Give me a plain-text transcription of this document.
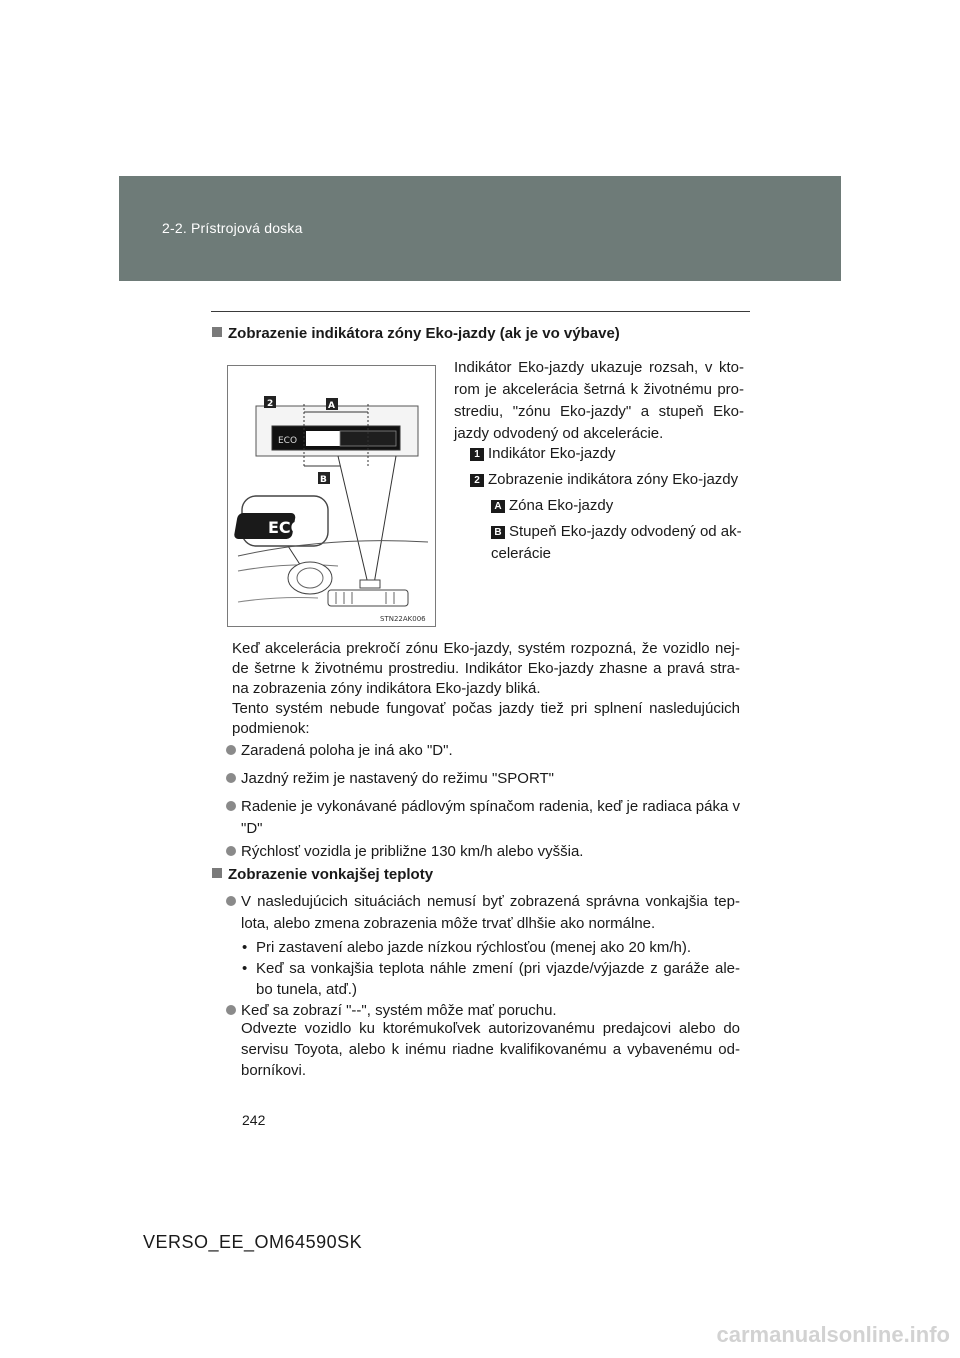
2-2. Prístrojová doska
Zobrazenie indikátora zóny Eko-jazdy (ak je vo výbave)
ECO
2	A
B
ECO
STN22AK006
Indikátor Eko-jazdy ukazuje rozsah, v kto-rom je akcelerácia šetrná k životnému pro-strediu, "zónu Eko-jazdy" a stupeň Eko-jazdy odvodený od akcelerácie.
1 Indikátor Eko-jazdy
2 Zobrazenie indikátora zóny Eko-jazdy
A Zóna Eko-jazdy
B Stupeň Eko-jazdy odvodený od ak-celerácie
Keď akcelerácia prekročí zónu Eko-jazdy, systém rozpozná, že vozidlo nej-de šetrne k životnému prostrediu. Indikátor Eko-jazdy zhasne a pravá stra-na zobrazenia zóny indikátora Eko-jazdy bliká.
Tento systém nebude fungovať počas jazdy tiež pri splnení nasledujúcich podmienok:
Zaradená poloha je iná ako "D".
Jazdný režim je nastavený do režimu "SPORT"
Radenie je vykonávané pádlovým spínačom radenia, keď je radiaca páka v "D"
Rýchlosť vozidla je približne 130 km/h alebo vyššia.
Zobrazenie vonkajšej teploty
V nasledujúcich situáciách nemusí byť zobrazená správna vonkajšia tep-lota, alebo zmena zobrazenia môže trvať dlhšie ako normálne.
• Pri zastavení alebo jazde nízkou rýchlosťou (menej ako 20 km/h).
• Keď sa vonkajšia teplota náhle zmení (pri vjazde/výjazde z garáže ale-bo tunela, atď.)
Keď sa zobrazí "--", systém môže mať poruchu.
Odvezte vozidlo ku ktorémukoľvek autorizovanému predajcovi alebo do servisu Toyota, alebo k inému riadne kvalifikovanému a vybavenému od-borníkovi.
242
VERSO_EE_OM64590SK
carmanualsonline.info
